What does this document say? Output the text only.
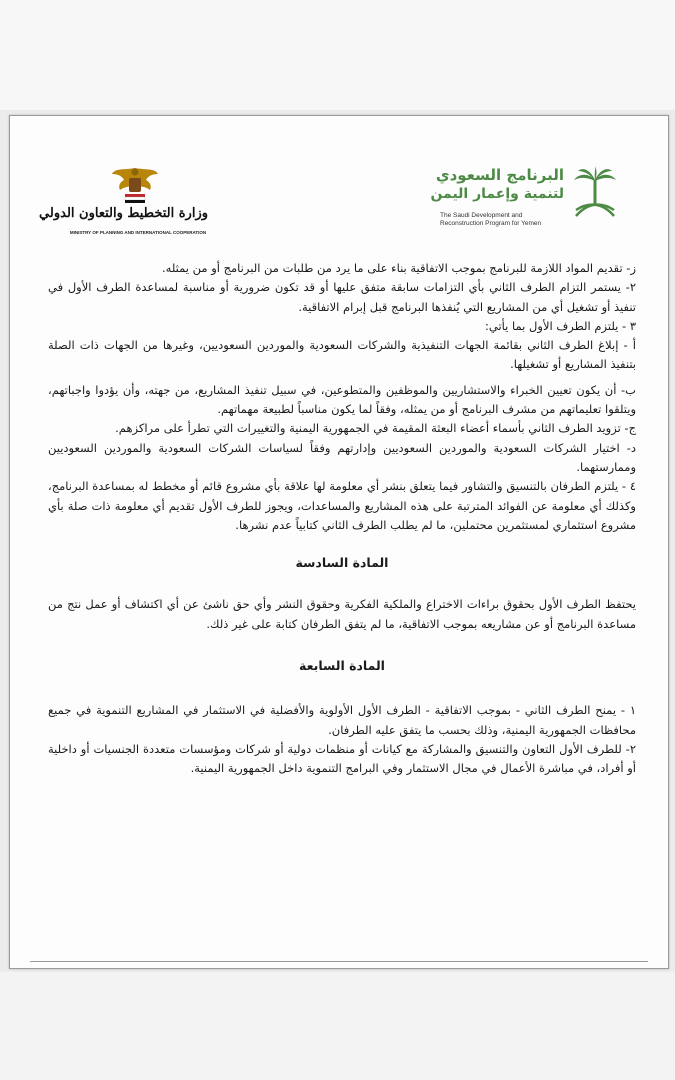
البرنامج السعودي
لتنمية وإعمار اليمن
The Saudi Development and
Reconstruction Program for Yemen
وزارة التخطيط والتعاون الدولي
MINISTRY OF PLANNING AND INTERNATIONAL COOPERATION

ز- تقديم المواد اللازمة للبرنامج بموجب الاتفاقية بناء على ما يرد من طلبات من البرنامج أو من يمثله.

٢- يستمر التزام الطرف الثاني بأي التزامات سابقة متفق عليها أو قد تكون ضرورية أو مناسبة لمساعدة الطرف الأول في تنفيذ أو تشغيل أي من المشاريع التي يُنفذها البرنامج قبل إبرام الاتفاقية.

٣ - يلتزم الطرف الأول بما يأتي:

أ - إبلاغ الطرف الثاني بقائمة الجهات التنفيذية والشركات السعودية والموردين السعوديين، وغيرها من الجهات ذات الصلة بتنفيذ المشاريع أو تشغيلها.

ب- أن يكون تعيين الخبراء والاستشاريين والموظفين والمتطوعين، في سبيل تنفيذ المشاريع، من جهته، وأن يؤدوا واجباتهم، ويتلقوا تعليماتهم من مشرف البرنامج أو من يمثله، وفقاً لما يكون مناسباً لطبيعة مهماتهم.

ج- تزويد الطرف الثاني بأسماء أعضاء البعثة المقيمة في الجمهورية اليمنية والتغييرات التي تطرأ على مراكزهم.

د- اختيار الشركات السعودية والموردين السعوديين وإدارتهم وفقاً لسياسات الشركات السعودية والموردين السعوديين وممارستهما.

٤ - يلتزم الطرفان بالتنسيق والتشاور فيما يتعلق بنشر أي معلومة لها علاقة بأي مشروع قائم أو مخطط له بمساعدة البرنامج، وكذلك أي معلومة عن الفوائد المترتبة على هذه المشاريع والمساعدات، ويجوز للطرف الأول تقديم أي معلومة ذات صلة بأي مشروع استثماري لمستثمرين محتملين، ما لم يطلب الطرف الثاني كتابياً عدم نشرها.

المادة السادسة

يحتفظ الطرف الأول بحقوق براءات الاختراع والملكية الفكرية وحقوق النشر وأي حق ناشئ عن أي اكتشاف أو عمل نتج من مساعدة البرنامج أو عن مشاريعه بموجب الاتفاقية، ما لم يتفق الطرفان كتابة على غير ذلك.

المادة السابعة

١ - يمنح الطرف الثاني - بموجب الاتفاقية - الطرف الأول الأولوية والأفضلية في الاستثمار في المشاريع التنموية في جميع محافظات الجمهورية اليمنية، وذلك بحسب ما يتفق عليه الطرفان.

٢- للطرف الأول التعاون والتنسيق والمشاركة مع كيانات أو منظمات دولية أو شركات ومؤسسات متعددة الجنسيات أو داخلية أو أفراد، في مباشرة الأعمال في مجال الاستثمار وفي البرامج التنموية داخل الجمهورية اليمنية.
